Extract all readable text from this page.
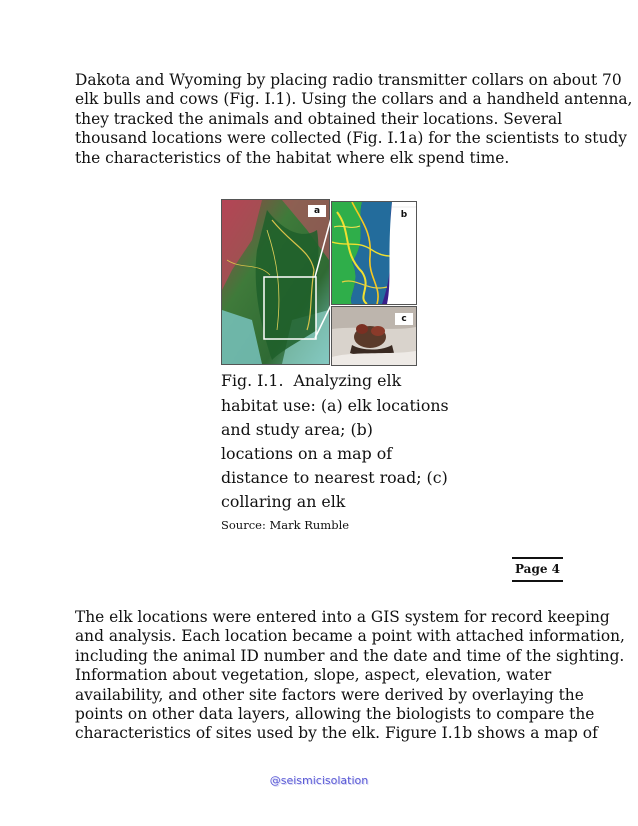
Dakota and Wyoming by placing radio transmitter collars on about 70
elk bulls and cows (Fig. I.1). Using the collars and a handheld antenna,
they tracked the animals and obtained their locations. Several
thousand locations were collected (Fig. I.1a) for the scientists to study
the characteristics of the habitat where elk spend time.

a	b
c
Fig. I.1. Analyzing elk
habitat use: (a) elk locations
and study area; (b)
locations on a map of
distance to nearest road; (c)
collaring an elk
Source: Mark Rumble
Page 4

The elk locations were entered into a GIS system for record keeping
and analysis. Each location became a point with attached information,
including the animal ID number and the date and time of the sighting.
Information about vegetation, slope, aspect, elevation, water
availability, and other site factors were derived by overlaying the
points on other data layers, allowing the biologists to compare the
characteristics of sites used by the elk. Figure I.1b shows a map of

@seismicisolation
